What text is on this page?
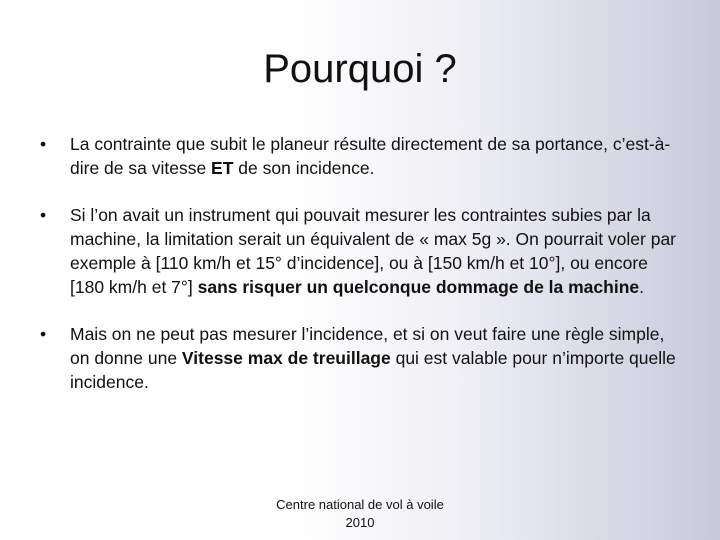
Pourquoi ?
•	La contrainte que subit le planeur résulte directement de sa portance, c’est-à-dire de sa vitesse ET de son incidence.
•	Si l’on avait un instrument qui pouvait mesurer les contraintes subies par la machine, la limitation serait un équivalent de « max 5g ». On pourrait voler par exemple à [110 km/h et 15° d’incidence], ou à [150 km/h et 10°], ou encore [180 km/h et 7°] sans risquer un quelconque dommage de la machine.
•	Mais on ne peut pas mesurer l’incidence, et si on veut faire une règle simple, on donne une Vitesse max de treuillage qui est valable pour n’importe quelle incidence.
Centre national de vol à voile
2010
